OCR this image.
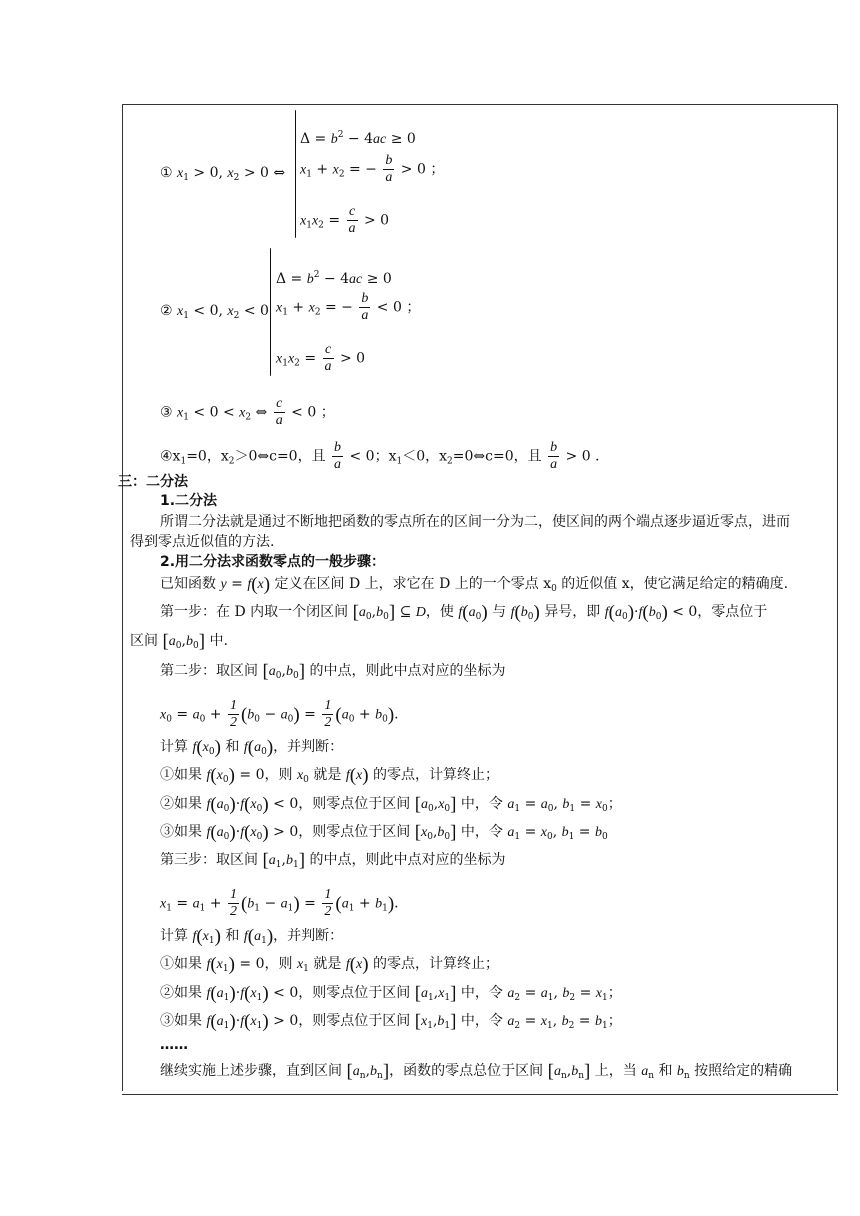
① $x_1 > 0$, $x_2 > 0$ ⇔
$\Delta = b^2 - 4ac \ge 0$
$x_1 + x_2$ = − $\frac{b}{a} > 0$ ；
$x_1x_2 = \frac{c}{a} > 0$
② $x_1 < 0$, $x_2 < 0$
$\Delta = b^2 - 4ac \ge 0$
$x_1 + x_2$ = − $\frac{b}{a} < 0$ ；
$x_1x_2 = \frac{c}{a} > 0$
③ $x_1 < 0 < x_2$ ⇔ $\frac{c}{a} < 0$ ；
$④x_1=0$，$x_2>0\Leftrightarrow c=0$，且 $\frac{b}{a} < 0$；$x_1<0$，$x_2=0\Leftrightarrow c=0$，且 $\frac{b}{a} > 0$ .
三：二分法
1.二分法
所谓二分法就是通过不断地把函数的零点所在的区间一分为二，使区间的两个端点逐步逼近零点，进而
得到零点近似值的方法.
2.用二分法求函数零点的一般步骤：
已知函数 y = f(x) 定义在区间 D 上，求它在 D 上的一个零点 $x_0$ 的近似值 x，使它满足给定的精确度.
第一步：在 D 内取一个闭区间 $[a_0,b_0]$ ⊆ D，使 $f(a_0)$ 与 $f(b_0)$ 异号，即 $f(a_0)\cdot f(b_0) < 0$，零点位于
区间 $[a_0,b_0]$ 中.
第二步：取区间 $[a_0,b_0]$ 的中点，则此中点对应的坐标为
$x_0 = a_0 + \frac{1}{2} (b_0 - a_0) = \frac{1}{2} (a_0 + b_0)$.
计算 $f(x_0)$ 和 $f(a_0)$，并判断：
①如果 $f(x_0) = 0$，则 $x_0$ 就是 f(x) 的零点，计算终止；
②如果 $f(a_0)\cdot f(x_0) < 0$，则零点位于区间 $[a_0,x_0]$ 中，令 $a_1 = a_0$, $b_1 = x_0$；
③如果 $f(a_0)\cdot f(x_0) > 0$，则零点位于区间 $[x_0,b_0]$ 中，令 $a_1 = x_0$, $b_1 = b_0$
第三步：取区间 $[a_1,b_1]$ 的中点，则此中点对应的坐标为
$x_1 = a_1 + \frac{1}{2} (b_1 - a_1) = \frac{1}{2} (a_1 + b_1)$.
计算 $f(x_1)$ 和 $f(a_1)$，并判断：
①如果 $f(x_1) = 0$，则 $x_1$ 就是 f(x) 的零点，计算终止；
②如果 $f(a_1)\cdot f(x_1) < 0$，则零点位于区间 $[a_1,x_1]$ 中，令 $a_2 = a_1$, $b_2 = x_1$；
③如果 $f(a_1)\cdot f(x_1) > 0$，则零点位于区间 $[x_1,b_1]$ 中，令 $a_2 = x_1$, $b_2 = b_1$；
……
继续实施上述步骤，直到区间 $[a_n,b_n]$，函数的零点总位于区间 $[a_n,b_n]$ 上，当 $a_n$ 和 $b_n$ 按照给定的精确
